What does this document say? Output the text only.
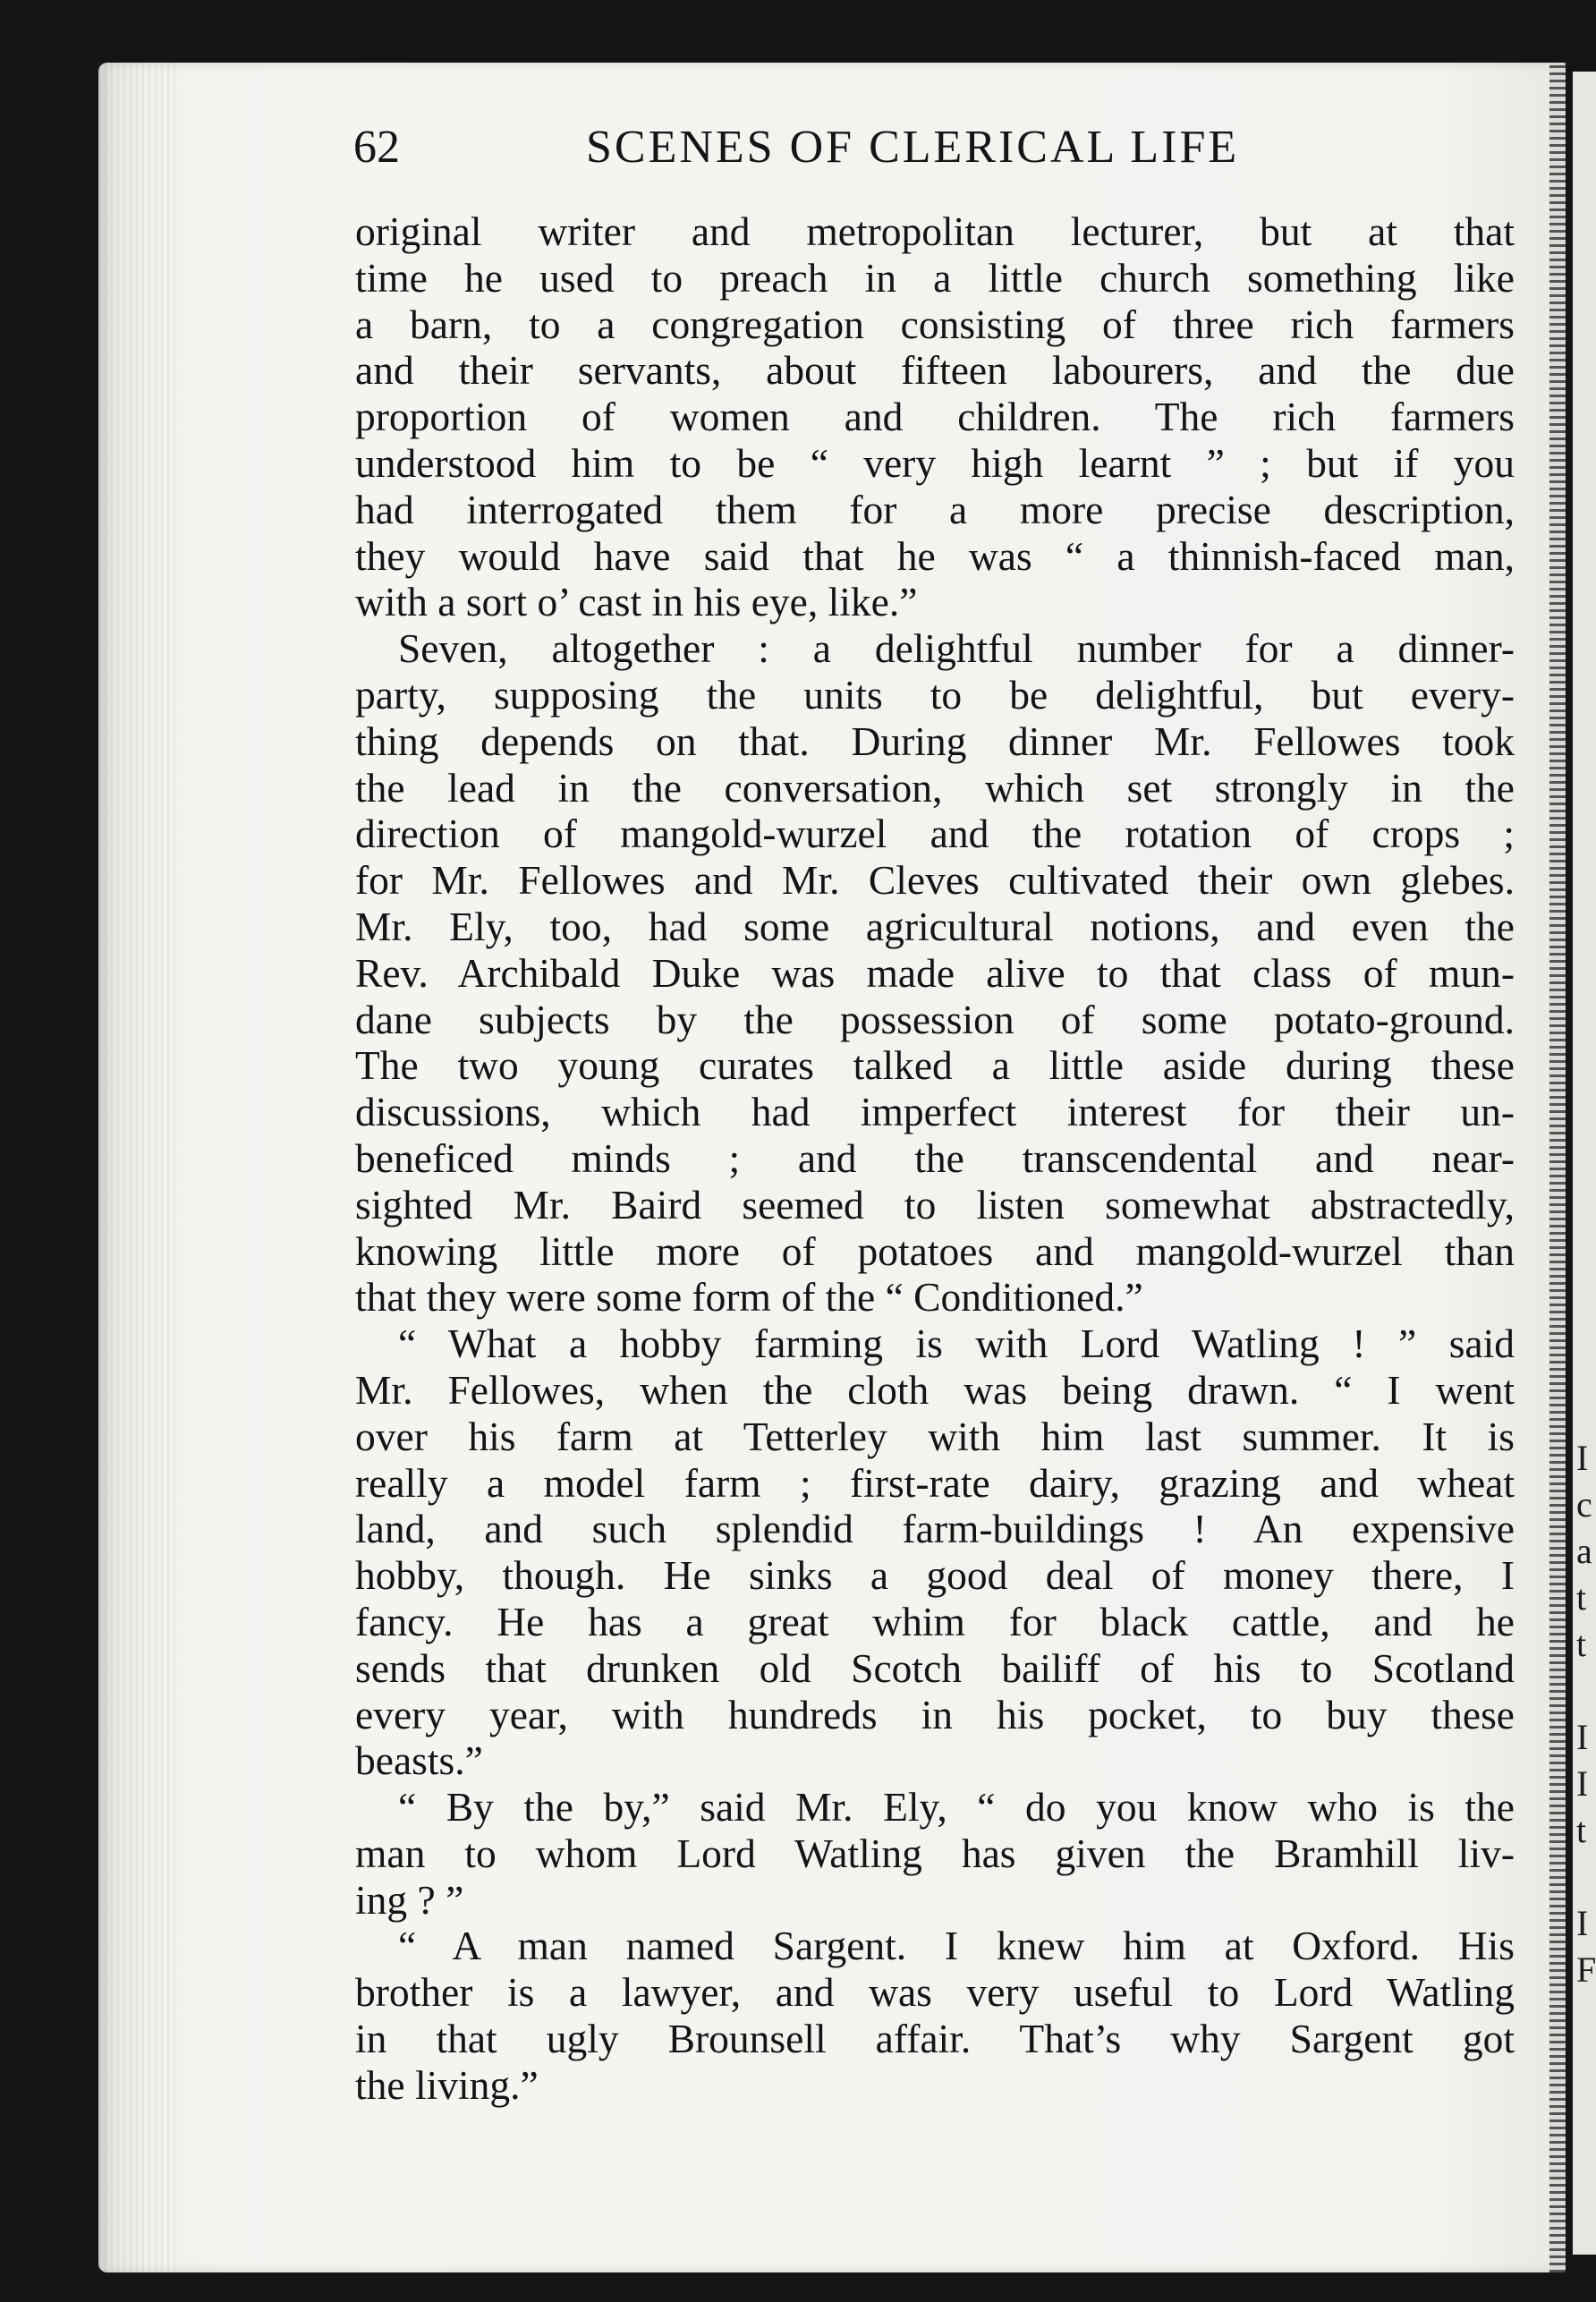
I
c
a
t
t
I
I
t
I
F
62	SCENES OF CLERICAL LIFE
original writer and metropolitan lecturer, but at that
time he used to preach in a little church something like
a barn, to a congregation consisting of three rich farmers
and their servants, about fifteen labourers, and the due
proportion of women and children. The rich farmers
understood him to be “ very high learnt ” ; but if you
had interrogated them for a more precise description,
they would have said that he was “ a thinnish-faced man,
with a sort o’ cast in his eye, like.”
Seven, altogether : a delightful number for a dinner-
party, supposing the units to be delightful, but every-
thing depends on that. During dinner Mr. Fellowes took
the lead in the conversation, which set strongly in the
direction of mangold-wurzel and the rotation of crops ;
for Mr. Fellowes and Mr. Cleves cultivated their own glebes.
Mr. Ely, too, had some agricultural notions, and even the
Rev. Archibald Duke was made alive to that class of mun-
dane subjects by the possession of some potato-ground.
The two young curates talked a little aside during these
discussions, which had imperfect interest for their un-
beneficed minds ; and the transcendental and near-
sighted Mr. Baird seemed to listen somewhat abstractedly,
knowing little more of potatoes and mangold-wurzel than
that they were some form of the “ Conditioned.”
“ What a hobby farming is with Lord Watling ! ” said
Mr. Fellowes, when the cloth was being drawn. “ I went
over his farm at Tetterley with him last summer. It is
really a model farm ; first-rate dairy, grazing and wheat
land, and such splendid farm-buildings ! An expensive
hobby, though. He sinks a good deal of money there, I
fancy. He has a great whim for black cattle, and he
sends that drunken old Scotch bailiff of his to Scotland
every year, with hundreds in his pocket, to buy these
beasts.”
“ By the by,” said Mr. Ely, “ do you know who is the
man to whom Lord Watling has given the Bramhill liv-
ing ? ”
“ A man named Sargent. I knew him at Oxford. His
brother is a lawyer, and was very useful to Lord Watling
in that ugly Brounsell affair. That’s why Sargent got
the living.”
